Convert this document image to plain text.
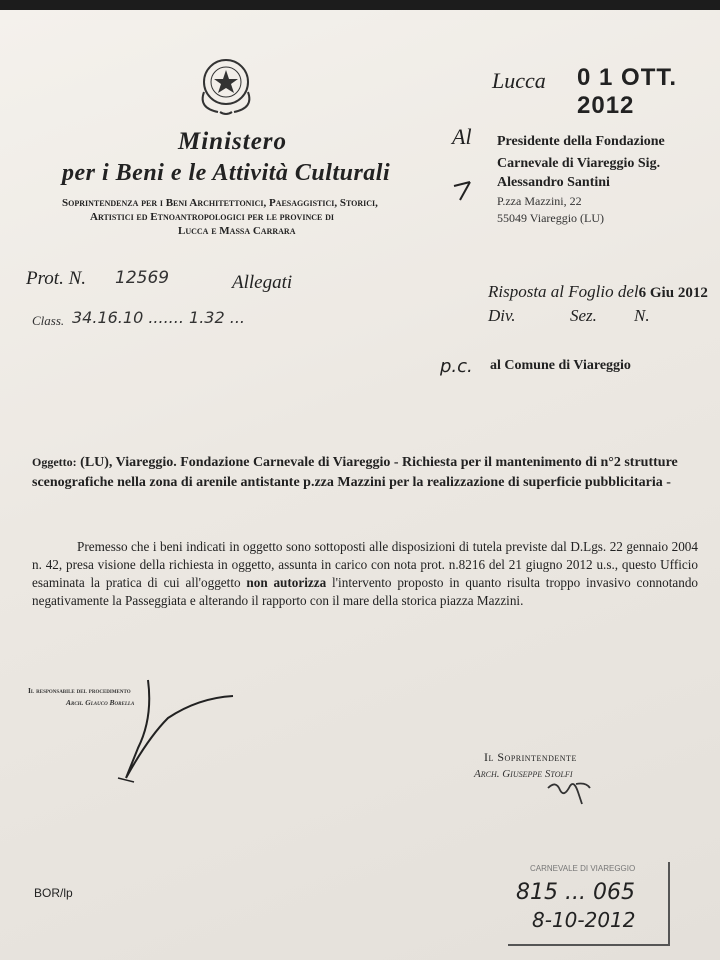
Ministero
per i Beni e le Attività Culturali
Soprintendenza per i Beni Architettonici, Paesaggistici, Storici,
Artistici ed Etnoantropologici per le province di
Lucca e Massa Carrara
Lucca 0 1 OTT. 2012
Al Presidente della Fondazione
Carnevale di Viareggio Sig.
Alessandro Santini
P.zza Mazzini, 22
55049 Viareggio (LU)
Prot. N. 12569	Allegati
Class. 34.16.10 ....... 1.32 ...
Risposta al Foglio del6 Giu 2012
Div.	Sez. N.
p.c. al Comune di Viareggio
Oggetto: (LU), Viareggio. Fondazione Carnevale di Viareggio - Richiesta per il mantenimento di n°2 strutture scenografiche nella zona di arenile antistante p.zza Mazzini per la realizzazione di superficie pubblicitaria -
Premesso che i beni indicati in oggetto sono sottoposti alle disposizioni di tutela previste dal D.Lgs. 22 gennaio 2004 n. 42, presa visione della richiesta in oggetto, assunta in carico con nota prot. n.8216 del 21 giugno 2012 u.s., questo Ufficio esaminata la pratica di cui all'oggetto non autorizza l'intervento proposto in quanto risulta troppo invasivo connotando negativamente la Passeggiata e alterando il rapporto con il mare della storica piazza Mazzini.
Il responsabile del procedimento
Arch. Glauco Borella
Il Soprintendente
Arch. Giuseppe Stolfi
BOR/lp
CARNEVALE DI VIAREGGIO
815 ... 065
8-10-2012
